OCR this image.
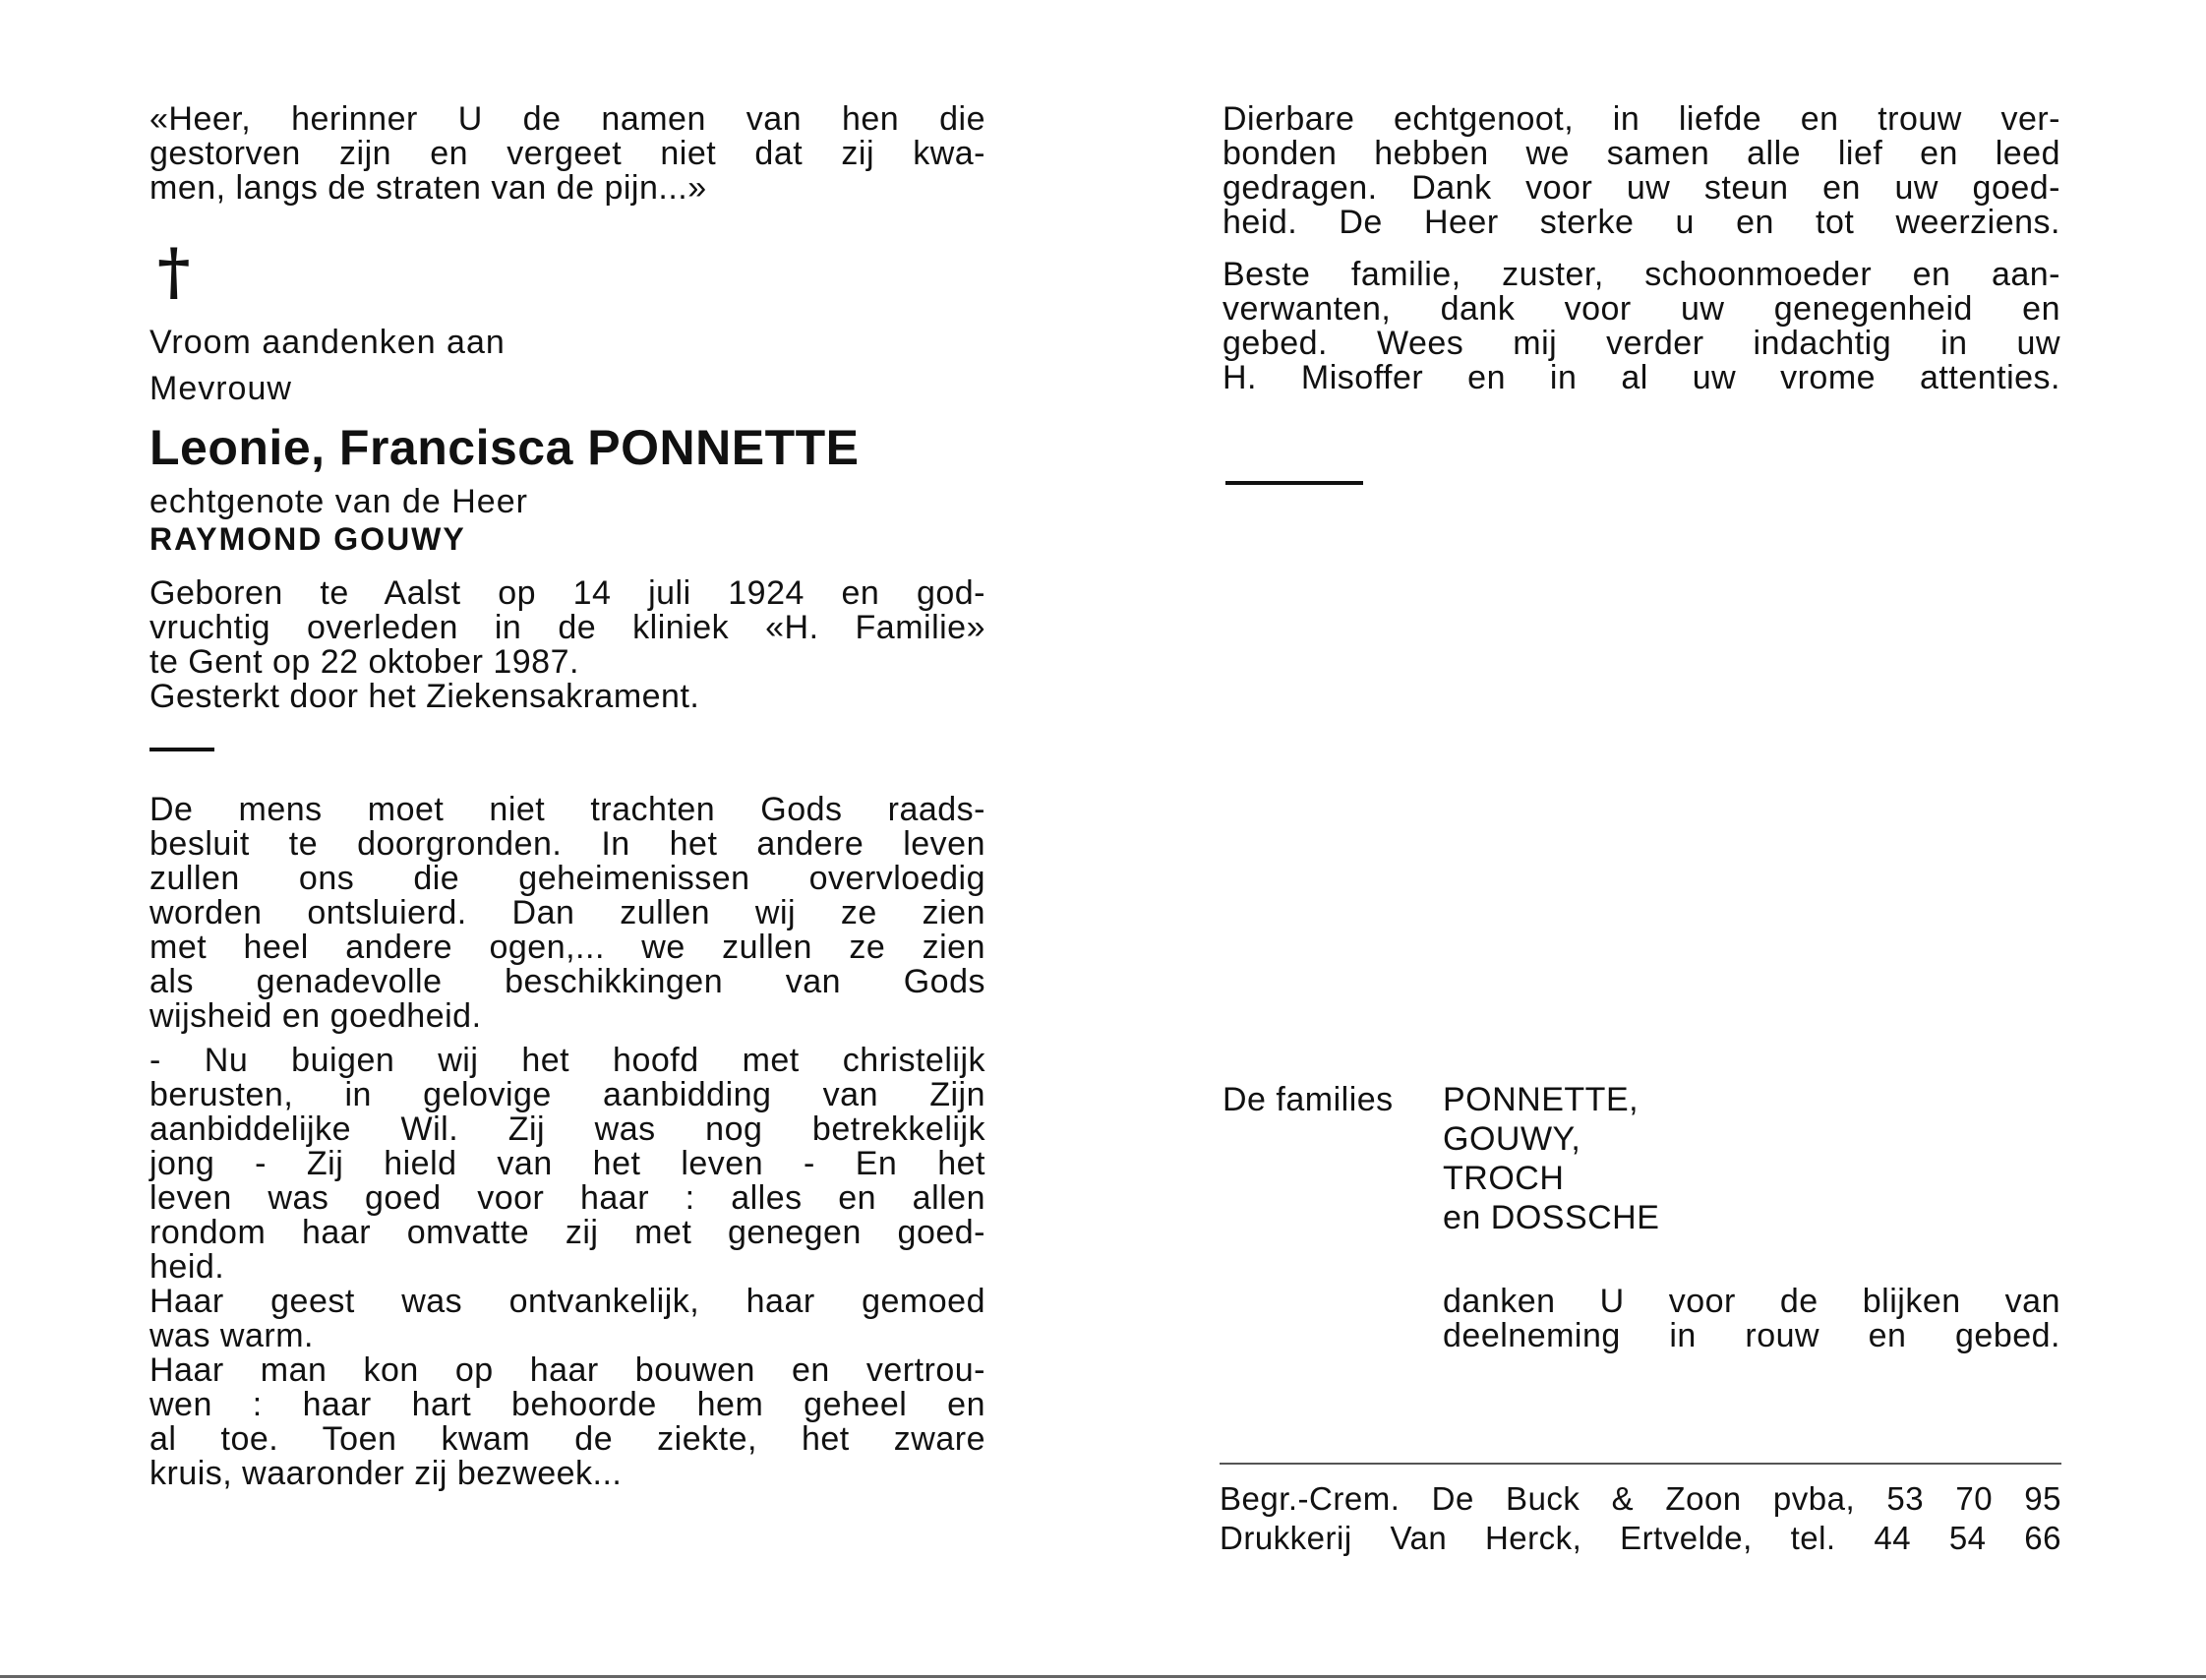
«Heer, herinner U de namen van hen die
gestorven zijn en vergeet niet dat zij kwa-
men, langs de straten van de pijn...»
†
Vroom aandenken aan
Mevrouw
Leonie, Francisca PONNETTE
echtgenote van de Heer
RAYMOND GOUWY
Geboren te Aalst op 14 juli 1924 en god-
vruchtig overleden in de kliniek «H. Familie»
te Gent op 22 oktober 1987.
Gesterkt door het Ziekensakrament.
De mens moet niet trachten Gods raads-
besluit te doorgronden. In het andere leven
zullen ons die geheimenissen overvloedig
worden ontsluierd. Dan zullen wij ze zien
met heel andere ogen,... we zullen ze zien
als genadevolle beschikkingen van Gods
wijsheid en goedheid.
- Nu buigen wij het hoofd met christelijk
berusten, in gelovige aanbidding van Zijn
aanbiddelijke Wil. Zij was nog betrekkelijk
jong - Zij hield van het leven - En het
leven was goed voor haar : alles en allen
rondom haar omvatte zij met genegen goed-
heid.
Haar geest was ontvankelijk, haar gemoed
was warm.
Haar man kon op haar bouwen en vertrou-
wen : haar hart behoorde hem geheel en
al toe. Toen kwam de ziekte, het zware
kruis, waaronder zij bezweek...
Dierbare echtgenoot, in liefde en trouw ver-
bonden hebben we samen alle lief en leed
gedragen. Dank voor uw steun en uw goed-
heid. De Heer sterke u en tot weerziens.
Beste familie, zuster, schoonmoeder en aan-
verwanten, dank voor uw genegenheid en
gebed. Wees mij verder indachtig in uw
H. Misoffer en in al uw vrome attenties.
De families	PONNETTE,
GOUWY,
TROCH
en DOSSCHE
danken U voor de blijken van
deelneming in rouw en gebed.
Begr.-Crem. De Buck & Zoon pvba, 53 70 95
Drukkerij Van Herck, Ertvelde, tel. 44 54 66
